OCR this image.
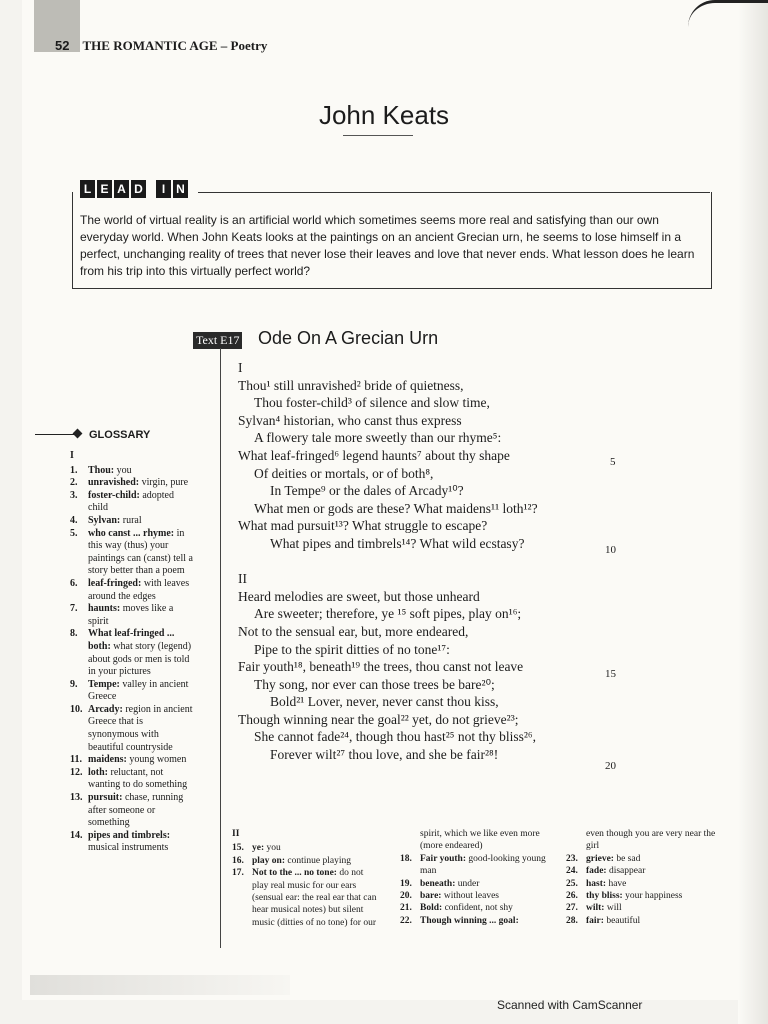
52 THE ROMANTIC AGE – Poetry
John Keats
L E A D	I N
The world of virtual reality is an artificial world which sometimes seems more real and satisfying than our own everyday world. When John Keats looks at the paintings on an ancient Grecian urn, he seems to lose himself in a perfect, unchanging reality of trees that never lose their leaves and love that never ends. What lesson does he learn from his trip into this virtually perfect world?
Text E17 Ode On A Grecian Urn
I
Thou¹ still unravished² bride of quietness,
Thou foster-child³ of silence and slow time,
Sylvan⁴ historian, who canst thus express
A flowery tale more sweetly than our rhyme⁵:
What leaf-fringed⁶ legend haunts⁷ about thy shape
Of deities or mortals, or of both⁸,
In Tempe⁹ or the dales of Arcady¹⁰?
What men or gods are these? What maidens¹¹ loth¹²?
What mad pursuit¹³? What struggle to escape?
What pipes and timbrels¹⁴? What wild ecstasy?
II
Heard melodies are sweet, but those unheard
Are sweeter; therefore, ye ¹⁵ soft pipes, play on¹⁶;
Not to the sensual ear, but, more endeared,
Pipe to the spirit ditties of no tone¹⁷:
Fair youth¹⁸, beneath¹⁹ the trees, thou canst not leave
Thy song, nor ever can those trees be bare²⁰;
Bold²¹ Lover, never, never canst thou kiss,
Though winning near the goal²² yet, do not grieve²³;
She cannot fade²⁴, though thou hast²⁵ not thy bliss²⁶,
Forever wilt²⁷ thou love, and she be fair²⁸!
5
10
15
20
GLOSSARY
I
1.	Thou: you
2.	unravished: virgin, pure
3.	foster-child: adopted child
4.	Sylvan: rural
5.	who canst ... rhyme: in this way (thus) your paintings can (canst) tell a story better than a poem
6.	leaf-fringed: with leaves around the edges
7.	haunts: moves like a spirit
8.	What leaf-fringed ... both: what story (legend) about gods or men is told in your pictures
9.	Tempe: valley in ancient Greece
10. Arcady: region in ancient Greece that is synonymous with beautiful countryside
11. maidens: young women
12. loth: reluctant, not wanting to do something
13. pursuit: chase, running after someone or something
14. pipes and timbrels: musical instruments
II
15. ye: you
16. play on: continue playing
17. Not to the ... no tone: do not play real music for our ears (sensual ear: the real ear that can hear musical notes) but silent music (ditties of no tone) for our
spirit, which we like even more (more endeared)
18. Fair youth: good-looking young man
19. beneath: under
20. bare: without leaves
21. Bold: confident, not shy
22. Though winning ... goal:
even though you are very near the girl
23. grieve: be sad
24. fade: disappear
25. hast: have
26. thy bliss: your happiness
27. wilt: will
28. fair: beautiful
Scanned with CamScanner
